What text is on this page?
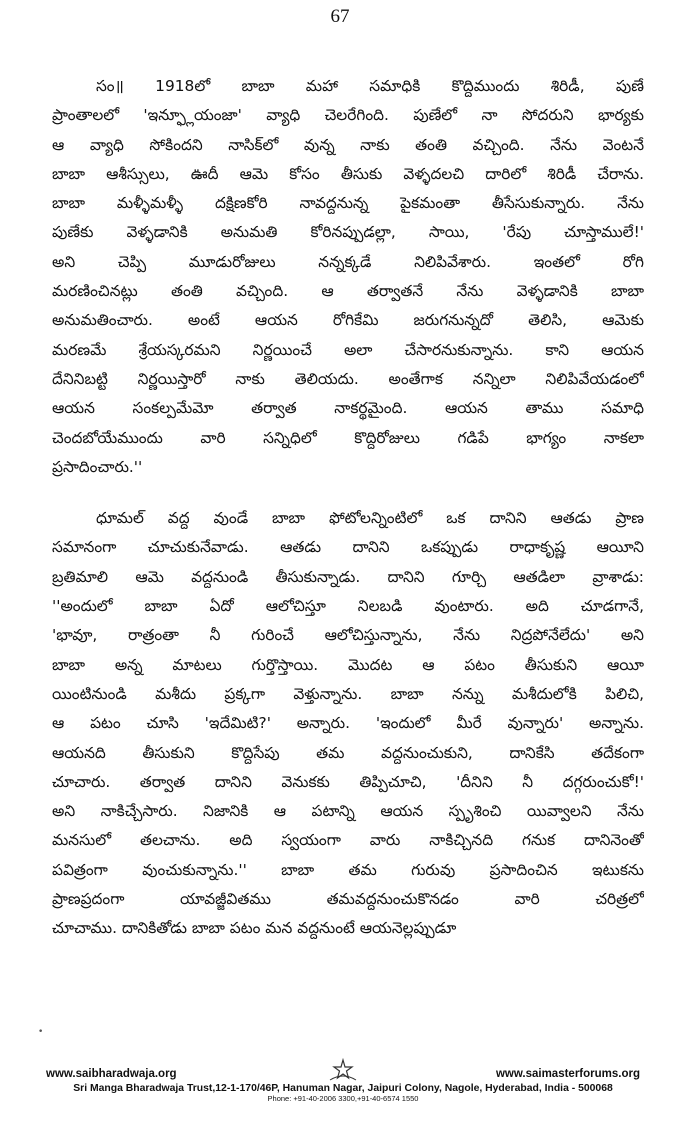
67
సం॥ 1918లో బాబా మహా సమాధికి కొద్దిముందు శిరిడీ, పుణే
ప్రాంతాలలో 'ఇన్ఫ్లూయంజా' వ్యాధి చెలరేగింది. పుణేలో నా సోదరుని భార్యకు
ఆ వ్యాధి సోకిందని నాసిక్‌లో వున్న నాకు తంతి వచ్చింది. నేను వెంటనే
బాబా ఆశీస్సులు, ఊదీ ఆమె కోసం తీసుకు వెళ్ళదలచి దారిలో శిరిడీ చేరాను.
బాబా మళ్ళీమళ్ళీ దక్షిణకోరి నావద్దనున్న పైకమంతా తీసేసుకున్నారు. నేను
పుణేకు వెళ్ళడానికి అనుమతి కోరినప్పుడల్లా, సాయి, 'రేపు చూస్తాములే!'
అని చెప్పి మూడురోజులు నన్నక్కడే నిలిపివేశారు. ఇంతలో రోగి
మరణించినట్లు తంతి వచ్చింది. ఆ తర్వాతనే నేను వెళ్ళడానికి బాబా
అనుమతించారు. అంటే ఆయన రోగికేమి జరుగనున్నదో తెలిసి, ఆమెకు
మరణమే శ్రేయస్కరమని నిర్ణయించే అలా చేసారనుకున్నాను. కాని ఆయన
దేనినిబట్టి నిర్ణయిస్తారో నాకు తెలియదు. అంతేగాక నన్నిలా నిలిపివేయడంలో
ఆయన సంకల్పమేమో తర్వాత నాకర్థమైంది. ఆయన తాము సమాధి
చెందబోయేముందు వారి సన్నిధిలో కొద్దిరోజులు గడిపే భాగ్యం నాకలా
ప్రసాదించారు.''
ధూమల్ వద్ద వుండే బాబా ఫోటోలన్నింటిలో ఒక దానిని ఆతడు ప్రాణ
సమానంగా చూచుకునేవాడు. ఆతడు దానిని ఒకప్పుడు రాధాకృష్ణ ఆయీని
బ్రతిమాలి ఆమె వద్దనుండి తీసుకున్నాడు. దానిని గూర్చి ఆతడిలా వ్రాశాడు:
''అందులో బాబా ఏదో ఆలోచిస్తూ నిలబడి వుంటారు. అది చూడగానే,
'భావూ, రాత్రంతా నీ గురించే ఆలోచిస్తున్నాను, నేను నిద్రపోనేలేదు' అని
బాబా అన్న మాటలు గుర్తొస్తాయి. మొదట ఆ పటం తీసుకుని ఆయీ
యింటినుండి మశీదు ప్రక్కగా వెళ్తున్నాను. బాబా నన్ను మశీదులోకి పిలిచి,
ఆ పటం చూసి 'ఇదేమిటి?' అన్నారు. 'ఇందులో మీరే వున్నారు' అన్నాను.
ఆయనది తీసుకుని కొద్దిసేపు తమ వద్దనుంచుకుని, దానికేసి తదేకంగా
చూచారు. తర్వాత దానిని వెనుకకు తిప్పిచూచి, 'దీనిని నీ దగ్గరుంచుకో!'
అని నాకిచ్చేసారు. నిజానికి ఆ పటాన్ని ఆయన స్పృశించి యివ్వాలని నేను
మనసులో తలచాను. అది స్వయంగా వారు నాకిచ్చినది గనుక దానినెంతో
పవిత్రంగా వుంచుకున్నాను.'' బాబా తమ గురువు ప్రసాదించిన ఇటుకను
ప్రాణప్రదంగా యావజ్జీవితము తమవద్దనుంచుకొనడం వారి చరిత్రలో
చూచాము. దానికితోడు బాబా పటం మన వద్దనుంటే ఆయనెల్లప్పుడూ
•
www.saibharadwaja.org	www.saimasterforums.org
Sri Manga Bharadwaja Trust,12-1-170/46P, Hanuman Nagar, Jaipuri Colony, Nagole, Hyderabad, India - 500068
Phone: +91-40-2006 3300,+91-40-6574 1550
